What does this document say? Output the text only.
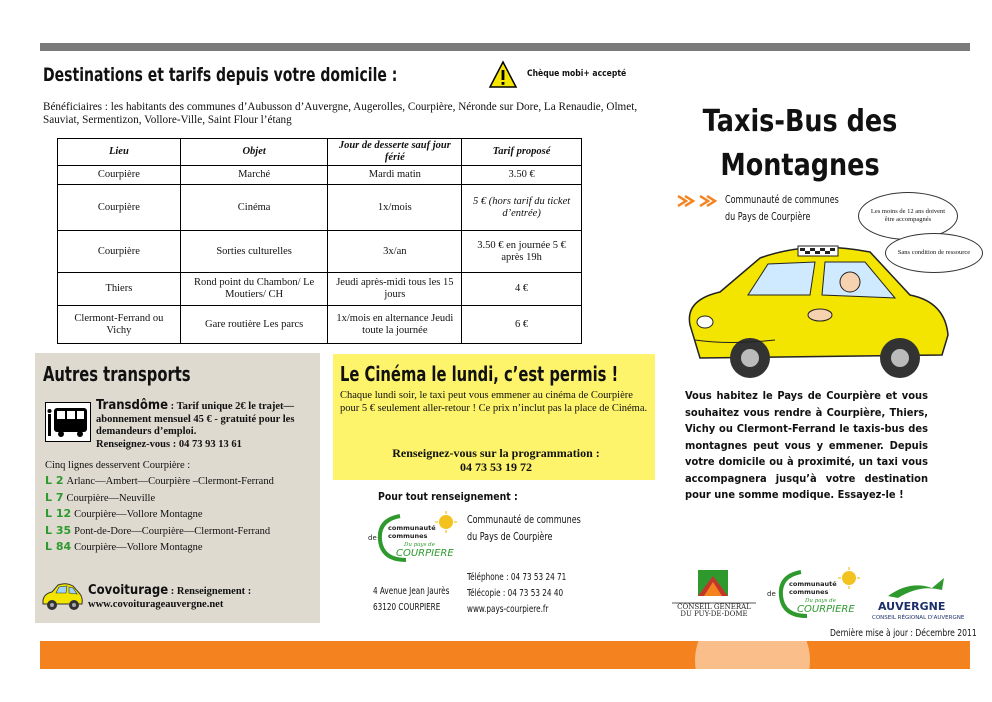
Destinations et tarifs depuis votre domicile :	Chèque mobi+ accepté
Bénéficiaires : les habitants des communes d’Aubusson d’Auvergne, Augerolles, Courpière, Néronde sur Dore, La Renaudie, Olmet, Sauviat, Sermentizon, Vollore-Ville, Saint Flour l’étang
Lieu	Objet	Jour de desserte sauf jour férié	Tarif proposé
Courpière	Marché	Mardi matin	3.50 €
Courpière	Cinéma	1x/mois	5 € (hors tarif du ticket d’entrée)
Courpière	Sorties culturelles	3x/an	3.50 € en journée 5 € après 19h
Thiers	Rond point du Chambon/ Le Moutiers/ CH	Jeudi après-midi tous les 15 jours	4 €
Clermont-Ferrand ou Vichy	Gare routière Les parcs	1x/mois en alternance Jeudi toute la journée	6 €
Autres transports
Transdôme : Tarif unique 2€ le trajet— abonnement mensuel 45 € - gratuité pour les demandeurs d’emploi.
Renseignez-vous : 04 73 93 13 61
Cinq lignes desservent Courpière :
L 2 Arlanc—Ambert—Courpière –Clermont-Ferrand
L 7 Courpière—Neuville
L 12 Courpière—Vollore Montagne
L 35 Pont-de-Dore—Courpière—Clermont-Ferrand
L 84 Courpière—Vollore Montagne
Covoiturage : Renseignement :
www.covoiturageauvergne.net
Le Cinéma le lundi, c’est permis !
Chaque lundi soir, le taxi peut vous emmener au cinéma de Courpière pour 5 € seulement aller-retour ! Ce prix n’inclut pas la place de Cinéma.
Renseignez-vous sur la programmation :
04 73 53 19 72
Pour tout renseignement :
de
communauté
communes
Du pays de
COURPIERE
Communauté de communes
du Pays de Courpière
4 Avenue Jean Jaurès
63120 COURPIERE
Téléphone : 04 73 53 24 71
Télécopie : 04 73 53 24 40
www.pays-courpiere.fr
Taxis-Bus des
Montagnes
Communauté de communes
du Pays de Courpière	Les moins de 12 ans doivent être accompagnés
Sans condition de ressource
Vous habitez le Pays de Courpière et vous souhaitez vous rendre à Courpière, Thiers, Vichy ou Clermont-Ferrand le taxis-bus des montagnes peut vous y emmener. Depuis votre domicile ou à proximité, un taxi vous accompagnera jusqu’à votre destination pour une somme modique. Essayez-le !
CONSEIL GENERAL
DU PUY-DE-DOME
de
communauté
communes
Du pays de
COURPIERE AUVERGNE
CONSEIL RÉGIONAL D'AUVERGNE
Dernière mise à jour : Décembre 2011
